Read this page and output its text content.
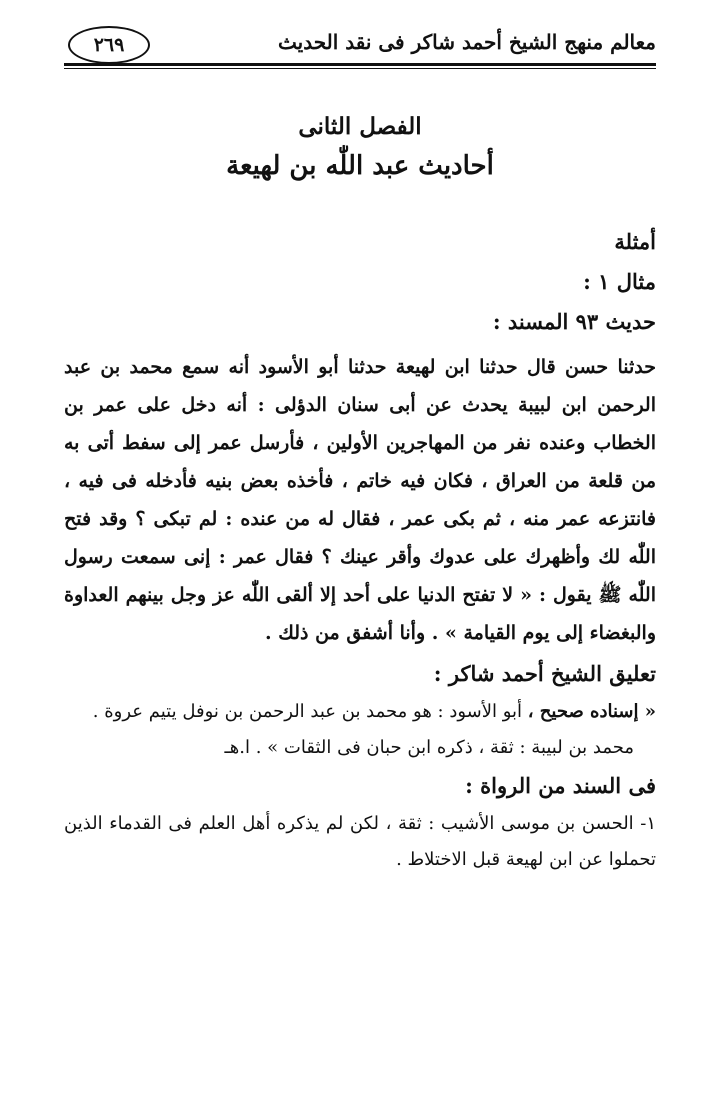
معالم منهج الشيخ أحمد شاكر فى نقد الحديث
٢٦٩
الفصل الثانى
أحاديث عبد اللّٰه بن لهيعة

أمثلة

مثال ١ :

حديث ٩٣ المسند :

حدثنا حسن قال حدثنا ابن لهيعة حدثنا أبو الأسود أنه سمع محمد بن عبد الرحمن ابن لبيبة يحدث عن أبى سنان الدؤلى : أنه دخل على عمر بن الخطاب وعنده نفر من المهاجرين الأولين ، فأرسل عمر إلى سفط أتى به من قلعة من العراق ، فكان فيه خاتم ، فأخذه بعض بنيه فأدخله فى فيه ، فانتزعه عمر منه ، ثم بكى عمر ، فقال له من عنده : لم تبكى ؟ وقد فتح اللّٰه لك وأظهرك على عدوك وأقر عينك ؟ فقال عمر : إنى سمعت رسول اللّٰه ﷺ يقول : « لا تفتح الدنيا على أحد إلا ألقى اللّٰه عز وجل بينهم العداوة والبغضاء إلى يوم القيامة » . وأنا أشفق من ذلك .

تعليق الشيخ أحمد شاكر :

« إسناده صحيح ، أبو الأسود : هو محمد بن عبد الرحمن بن نوفل يتيم عروة .

محمد بن لبيبة : ثقة ، ذكره ابن حبان فى الثقات » . ا.هـ

فى السند من الرواة :

١- الحسن بن موسى الأشيب : ثقة ، لكن لم يذكره أهل العلم فى القدماء الذين تحملوا عن ابن لهيعة قبل الاختلاط .
